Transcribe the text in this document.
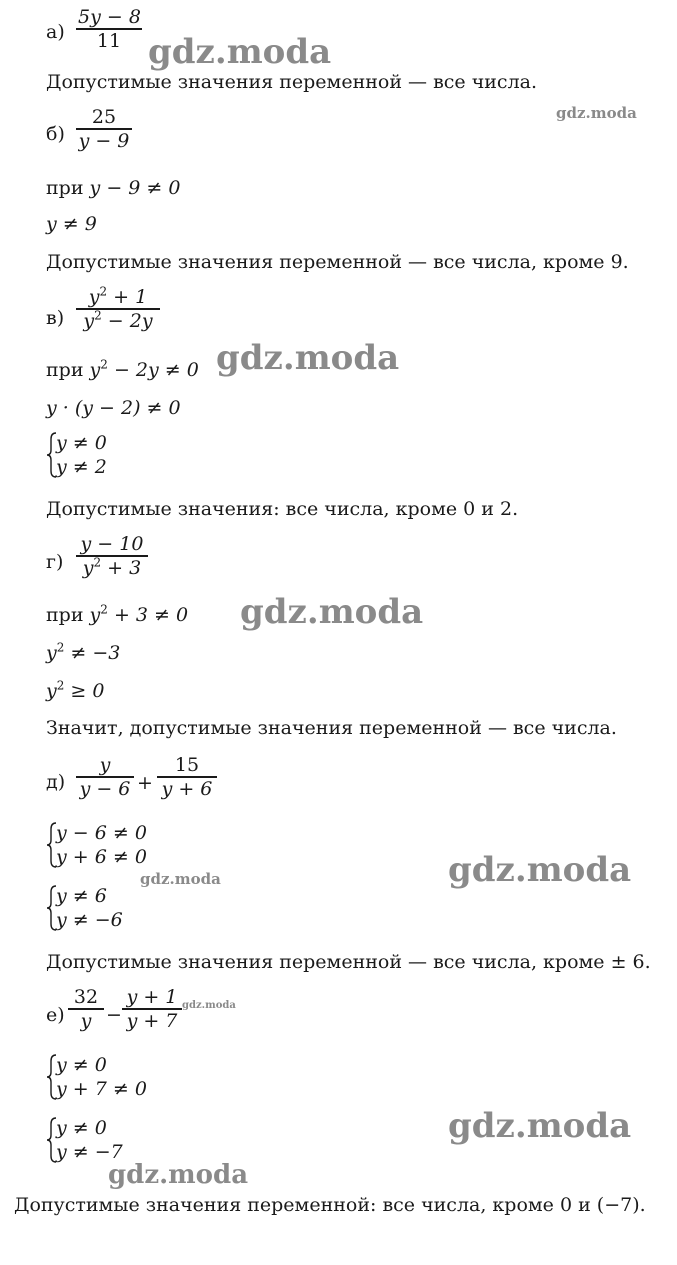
а)
5y − 8
11
Допустимые значения переменной — все числа.
б)
25
y − 9
при y − 9 ≠ 0
y ≠ 9
Допустимые значения переменной — все числа, кроме 9.
в)
$y^2 + 1$
$y^2 - 2y$
при $y^2 - 2y \ne 0$
y · (y − 2) ≠ 0
y ≠ 0
y ≠ 2
Допустимые значения: все числа, кроме 0 и 2.
г)
y − 10
$y^2 + 3$
при $y^2 + 3 \ne 0$
$y^2 \ne -3$
$y^2 \ge 0$
Значит, допустимые значения переменной — все числа.
д)
y
y − 6 +
15
y + 6
y − 6 ≠ 0
y + 6 ≠ 0
y ≠ 6
y ≠ −6
Допустимые значения переменной — все числа, кроме ± 6.
е)
32
y −
y + 1
y + 7
y ≠ 0
y + 7 ≠ 0
y ≠ 0
y ≠ −7
Допустимые значения переменной: все числа, кроме 0 и (−7).
gdz.moda
gdz.moda
gdz.moda
gdz.moda
gdz.moda	gdz.moda
gdz.moda
gdz.moda
gdz.moda
